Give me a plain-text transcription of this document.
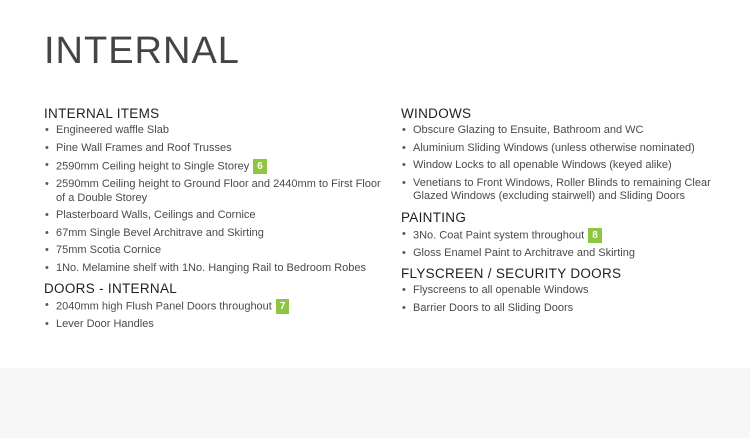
INTERNAL
INTERNAL ITEMS
• Engineered waffle Slab
• Pine Wall Frames and Roof Trusses
• 2590mm Ceiling height to Single Storey 6
• 2590mm Ceiling height to Ground Floor and 2440mm to First Floor of a Double Storey
• Plasterboard Walls, Ceilings and Cornice
• 67mm Single Bevel Architrave and Skirting
• 75mm Scotia Cornice
• 1No. Melamine shelf with 1No. Hanging Rail to Bedroom Robes
DOORS - INTERNAL
• 2040mm high Flush Panel Doors throughout 7
• Lever Door Handles
WINDOWS
• Obscure Glazing to Ensuite, Bathroom and WC
• Aluminium Sliding Windows (unless otherwise nominated)
• Window Locks to all openable Windows (keyed alike)
• Venetians to Front Windows, Roller Blinds to remaining Clear Glazed Windows (excluding stairwell) and Sliding Doors
PAINTING
• 3No. Coat Paint system throughout 8
• Gloss Enamel Paint to Architrave and Skirting
FLYSCREEN / SECURITY DOORS
• Flyscreens to all openable Windows
• Barrier Doors to all Sliding Doors
